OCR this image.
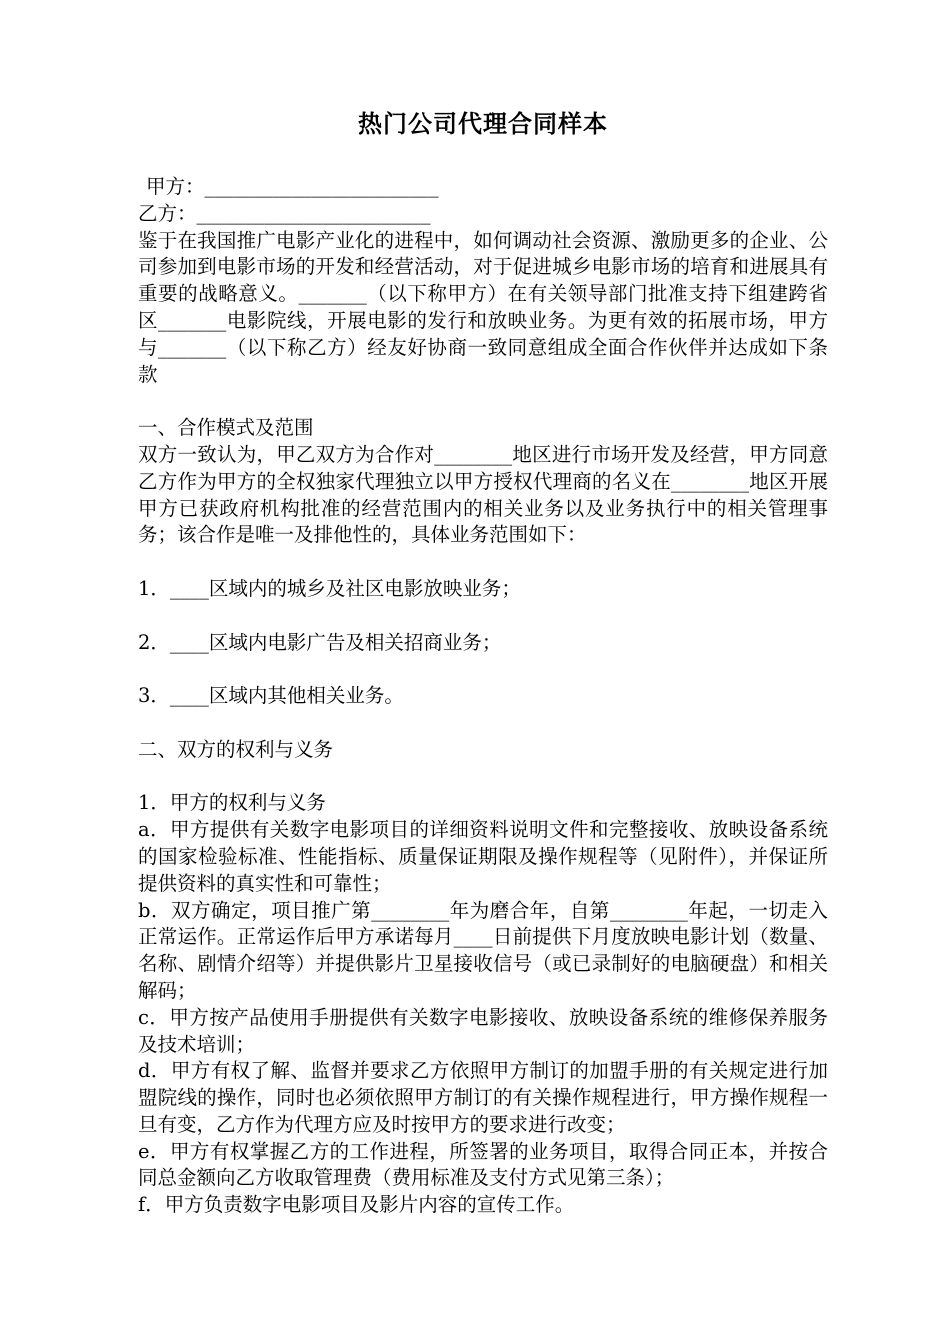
热门公司代理合同样本

甲方：________________________

乙方：________________________

鉴于在我国推广电影产业化的进程中，如何调动社会资源、激励更多的企业、公司参加到电影市场的开发和经营活动，对于促进城乡电影市场的培育和进展具有重要的战略意义。_______（以下称甲方）在有关领导部门批准支持下组建跨省区_______电影院线，开展电影的发行和放映业务。为更有效的拓展市场，甲方与_______（以下称乙方）经友好协商一致同意组成全面合作伙伴并达成如下条款

一、合作模式及范围

双方一致认为，甲乙双方为合作对________地区进行市场开发及经营，甲方同意乙方作为甲方的全权独家代理独立以甲方授权代理商的名义在________地区开展甲方已获政府机构批准的经营范围内的相关业务以及业务执行中的相关管理事务；该合作是唯一及排他性的，具体业务范围如下：

1．____区域内的城乡及社区电影放映业务；

2．____区域内电影广告及相关招商业务；

3．____区域内其他相关业务。

二、双方的权利与义务

1．甲方的权利与义务

a．甲方提供有关数字电影项目的详细资料说明文件和完整接收、放映设备系统的国家检验标准、性能指标、质量保证期限及操作规程等（见附件），并保证所提供资料的真实性和可靠性；

b．双方确定，项目推广第________年为磨合年，自第________年起，一切走入正常运作。正常运作后甲方承诺每月____日前提供下月度放映电影计划（数量、名称、剧情介绍等）并提供影片卫星接收信号（或已录制好的电脑硬盘）和相关解码；

c．甲方按产品使用手册提供有关数字电影接收、放映设备系统的维修保养服务及技术培训；

d．甲方有权了解、监督并要求乙方依照甲方制订的加盟手册的有关规定进行加盟院线的操作，同时也必须依照甲方制订的有关操作规程进行，甲方操作规程一旦有变，乙方作为代理方应及时按甲方的要求进行改变；

e．甲方有权掌握乙方的工作进程，所签署的业务项目，取得合同正本，并按合同总金额向乙方收取管理费（费用标准及支付方式见第三条）；

f．甲方负责数字电影项目及影片内容的宣传工作。
